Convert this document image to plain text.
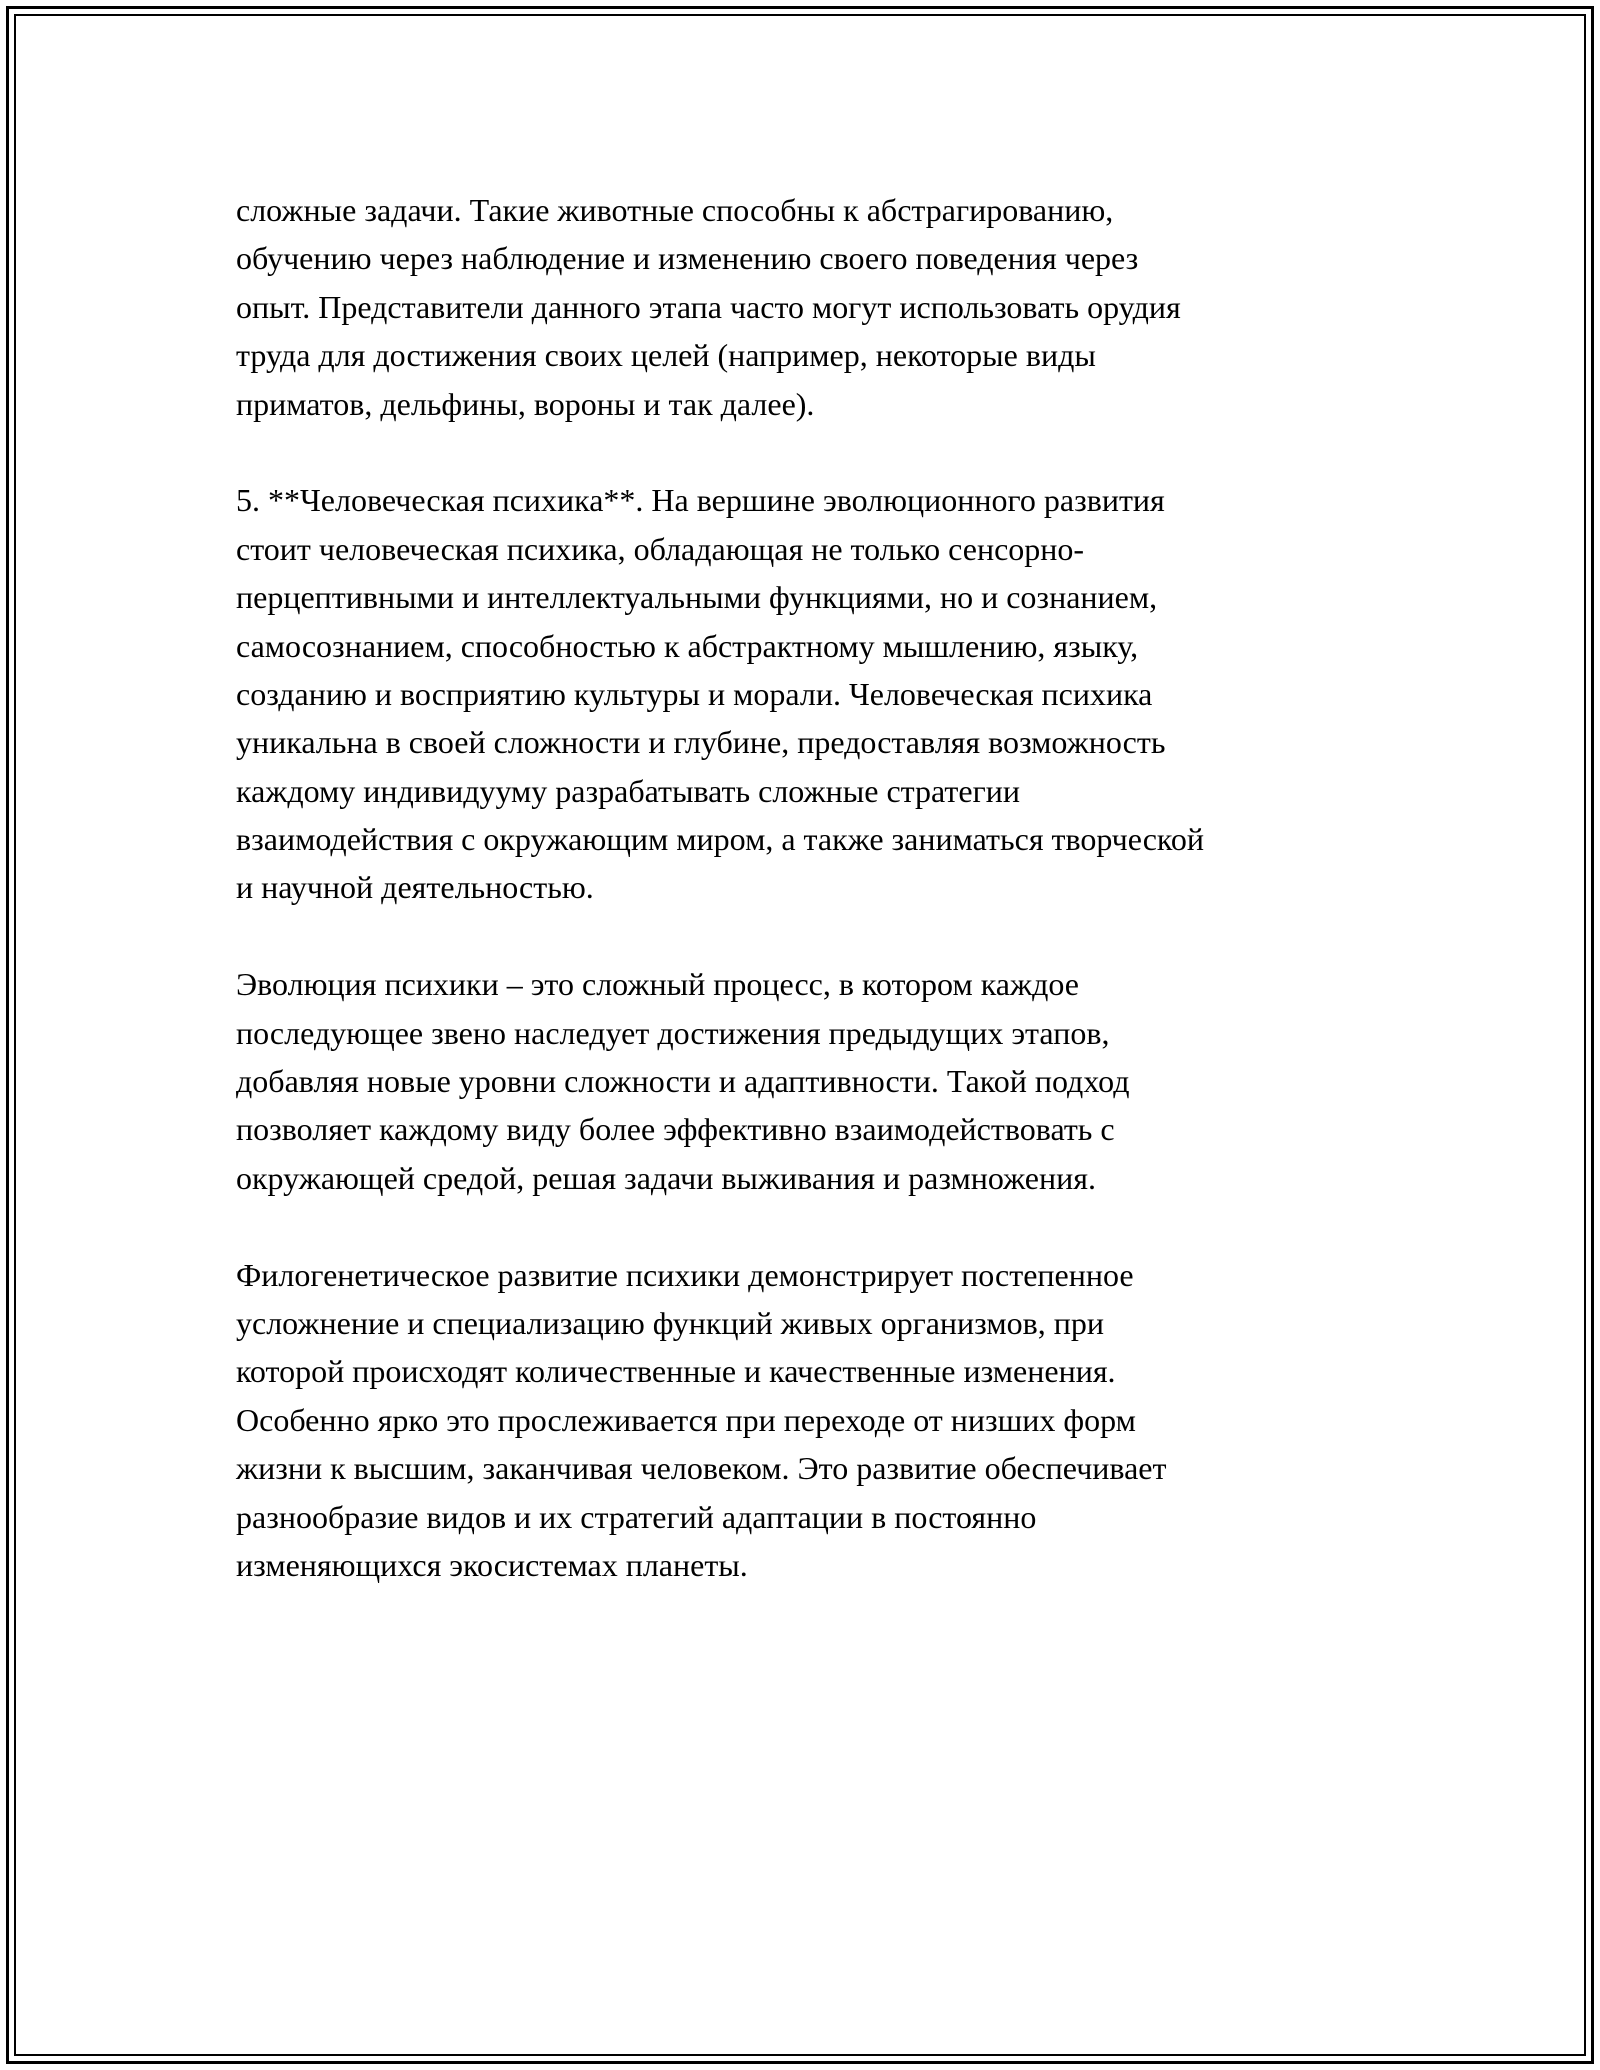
сложные задачи. Такие животные способны к абстрагированию,

обучению через наблюдение и изменению своего поведения через

опыт. Представители данного этапа часто могут использовать орудия

труда для достижения своих целей (например, некоторые виды

приматов, дельфины, вороны и так далее).

5. **Человеческая психика**. На вершине эволюционного развития

стоит человеческая психика, обладающая не только сенсорно-

перцептивными и интеллектуальными функциями, но и сознанием,

самосознанием, способностью к абстрактному мышлению, языку,

созданию и восприятию культуры и морали. Человеческая психика

уникальна в своей сложности и глубине, предоставляя возможность

каждому индивидууму разрабатывать сложные стратегии

взаимодействия с окружающим миром, а также заниматься творческой

и научной деятельностью.

Эволюция психики – это сложный процесс, в котором каждое

последующее звено наследует достижения предыдущих этапов,

добавляя новые уровни сложности и адаптивности. Такой подход

позволяет каждому виду более эффективно взаимодействовать с

окружающей средой, решая задачи выживания и размножения.

Филогенетическое развитие психики демонстрирует постепенное

усложнение и специализацию функций живых организмов, при

которой происходят количественные и качественные изменения.

Особенно ярко это прослеживается при переходе от низших форм

жизни к высшим, заканчивая человеком. Это развитие обеспечивает

разнообразие видов и их стратегий адаптации в постоянно

изменяющихся экосистемах планеты.
